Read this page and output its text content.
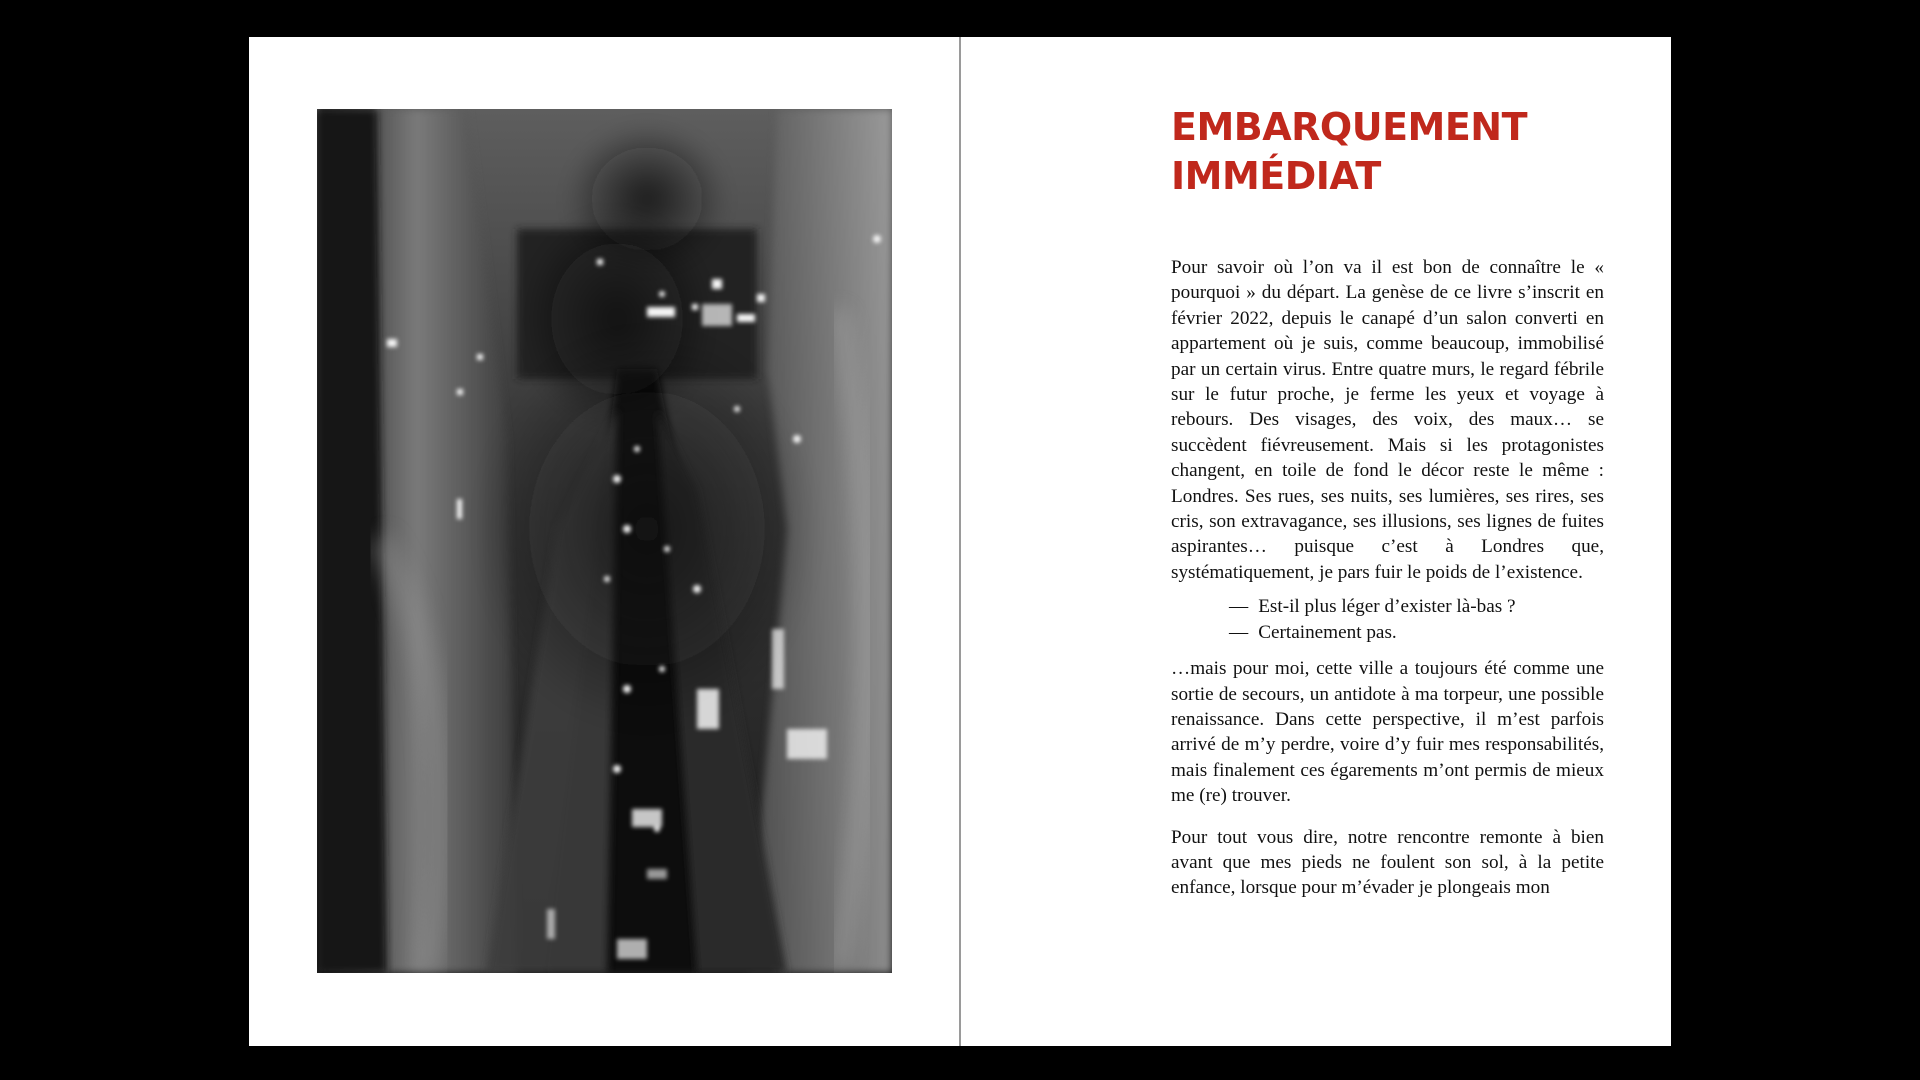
EMBARQUEMENT
IMMÉDIAT

Pour savoir où l’on va il est bon de connaître le « pourquoi » du départ. La genèse de ce livre s’inscrit en février 2022, depuis le canapé d’un salon converti en appartement où je suis, comme beaucoup, immobilisé par un certain virus. Entre quatre murs, le regard fébrile sur le futur proche, je ferme les yeux et voyage à rebours. Des visages, des voix, des maux… se succèdent fiévreusement. Mais si les protagonistes changent, en toile de fond le décor reste le même : Londres. Ses rues, ses nuits, ses lumières, ses rires, ses cris, son extravagance, ses illusions, ses lignes de fuites aspirantes… puisque c’est à Londres que, systématiquement, je pars fuir le poids de l’existence.

— Est-il plus léger d’exister là-bas ?
— Certainement pas.

…mais pour moi, cette ville a toujours été comme une sortie de secours, un antidote à ma torpeur, une possible renaissance. Dans cette perspective, il m’est parfois arrivé de m’y perdre, voire d’y fuir mes responsabilités, mais finalement ces égarements m’ont permis de mieux me (re) trouver.

Pour tout vous dire, notre rencontre remonte à bien avant que mes pieds ne foulent son sol, à la petite enfance, lorsque pour m’évader je plongeais mon
